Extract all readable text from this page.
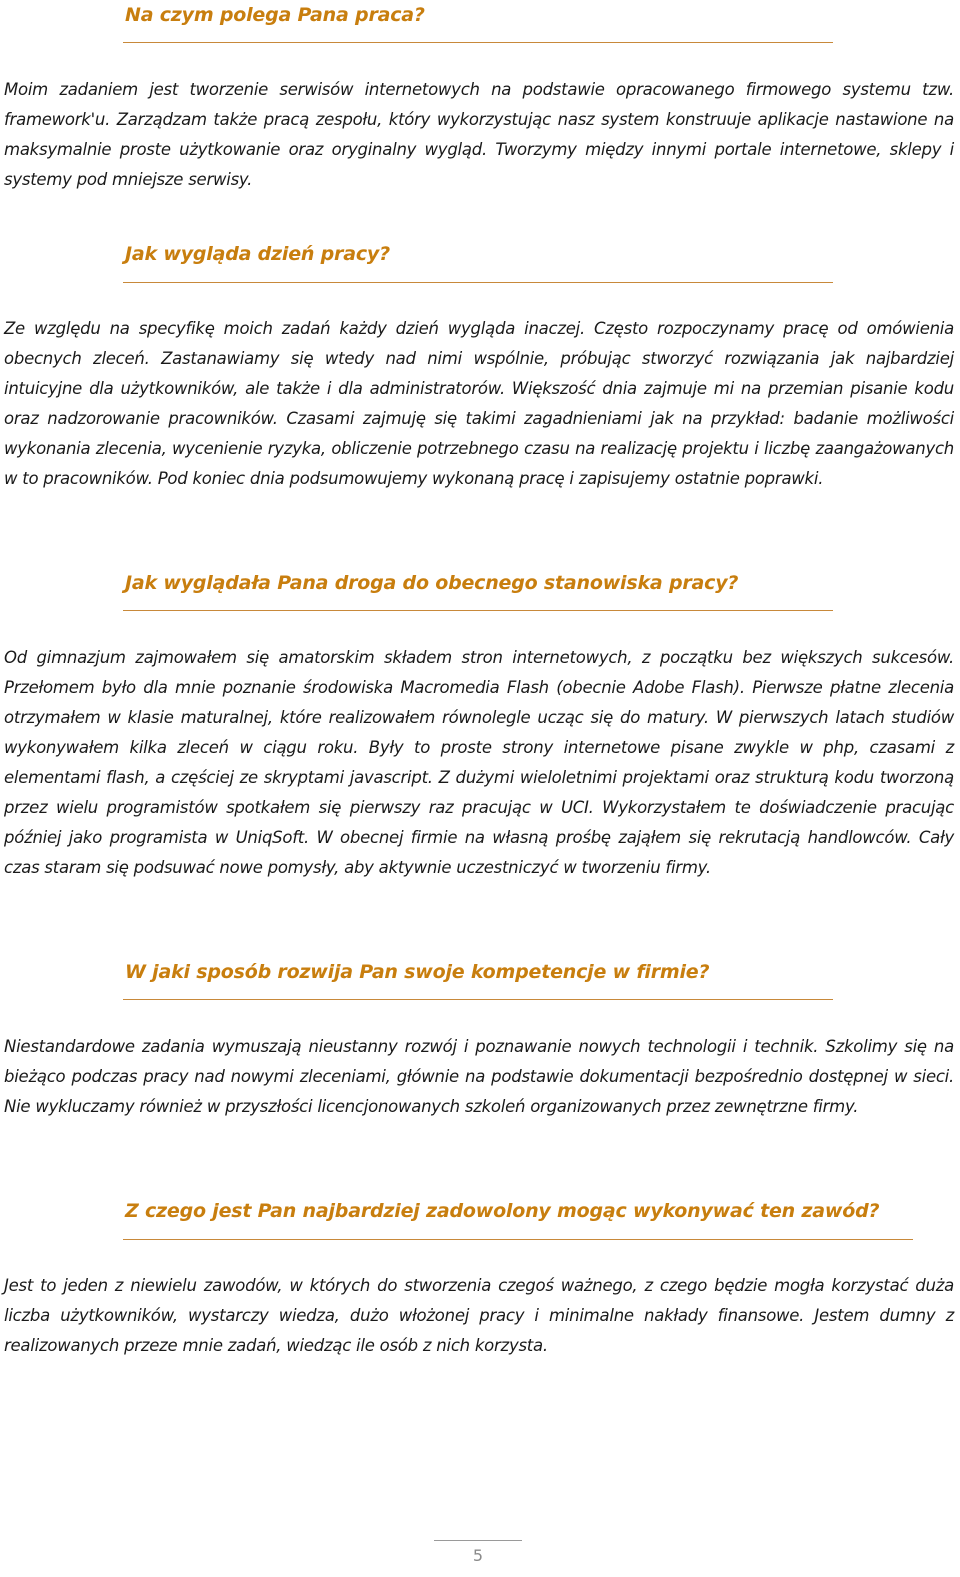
Na czym polega Pana praca?

Moim zadaniem jest tworzenie serwisów internetowych na podstawie opracowanego firmowego systemu tzw. framework'u. Zarządzam także pracą zespołu, który wykorzystując nasz system konstruuje aplikacje nastawione na maksymalnie proste użytkowanie oraz oryginalny wygląd. Tworzymy między innymi portale internetowe, sklepy i systemy pod mniejsze serwisy.

Jak wygląda dzień pracy?

Ze względu na specyfikę moich zadań każdy dzień wygląda inaczej. Często rozpoczynamy pracę od omówienia obecnych zleceń. Zastanawiamy się wtedy nad nimi wspólnie, próbując stworzyć rozwiązania jak najbardziej intuicyjne dla użytkowników, ale także i dla administratorów. Większość dnia zajmuje mi na przemian pisanie kodu oraz nadzorowanie pracowników. Czasami zajmuję się takimi zagadnieniami jak na przykład: badanie możliwości wykonania zlecenia, wycenienie ryzyka, obliczenie potrzebnego czasu na realizację projektu i liczbę zaangażowanych w to pracowników. Pod koniec dnia podsumowujemy wykonaną pracę i zapisujemy ostatnie poprawki.

Jak wyglądała Pana droga do obecnego stanowiska pracy?

Od gimnazjum zajmowałem się amatorskim składem stron internetowych, z początku bez większych sukcesów. Przełomem było dla mnie poznanie środowiska Macromedia Flash (obecnie Adobe Flash). Pierwsze płatne zlecenia otrzymałem w klasie maturalnej, które realizowałem równolegle ucząc się do matury. W pierwszych latach studiów wykonywałem kilka zleceń w ciągu roku. Były to proste strony internetowe pisane zwykle w php, czasami z elementami flash, a częściej ze skryptami javascript. Z dużymi wieloletnimi projektami oraz strukturą kodu tworzoną przez wielu programistów spotkałem się pierwszy raz pracując w UCI. Wykorzystałem te doświadczenie pracując później jako programista w UniqSoft. W obecnej firmie na własną prośbę zająłem się rekrutacją handlowców. Cały czas staram się podsuwać nowe pomysły, aby aktywnie uczestniczyć w tworzeniu firmy.

W jaki sposób rozwija Pan swoje kompetencje w firmie?

Niestandardowe zadania wymuszają nieustanny rozwój i poznawanie nowych technologii i technik. Szkolimy się na bieżąco podczas pracy nad nowymi zleceniami, głównie na podstawie dokumentacji bezpośrednio dostępnej w sieci. Nie wykluczamy również w przyszłości licencjonowanych szkoleń organizowanych przez zewnętrzne firmy.

Z czego jest Pan najbardziej zadowolony mogąc wykonywać ten zawód?

Jest to jeden z niewielu zawodów, w których do stworzenia czegoś ważnego, z czego będzie mogła korzystać duża liczba użytkowników, wystarczy wiedza, dużo włożonej pracy i minimalne nakłady finansowe. Jestem dumny z realizowanych przeze mnie zadań, wiedząc ile osób z nich korzysta.

5
